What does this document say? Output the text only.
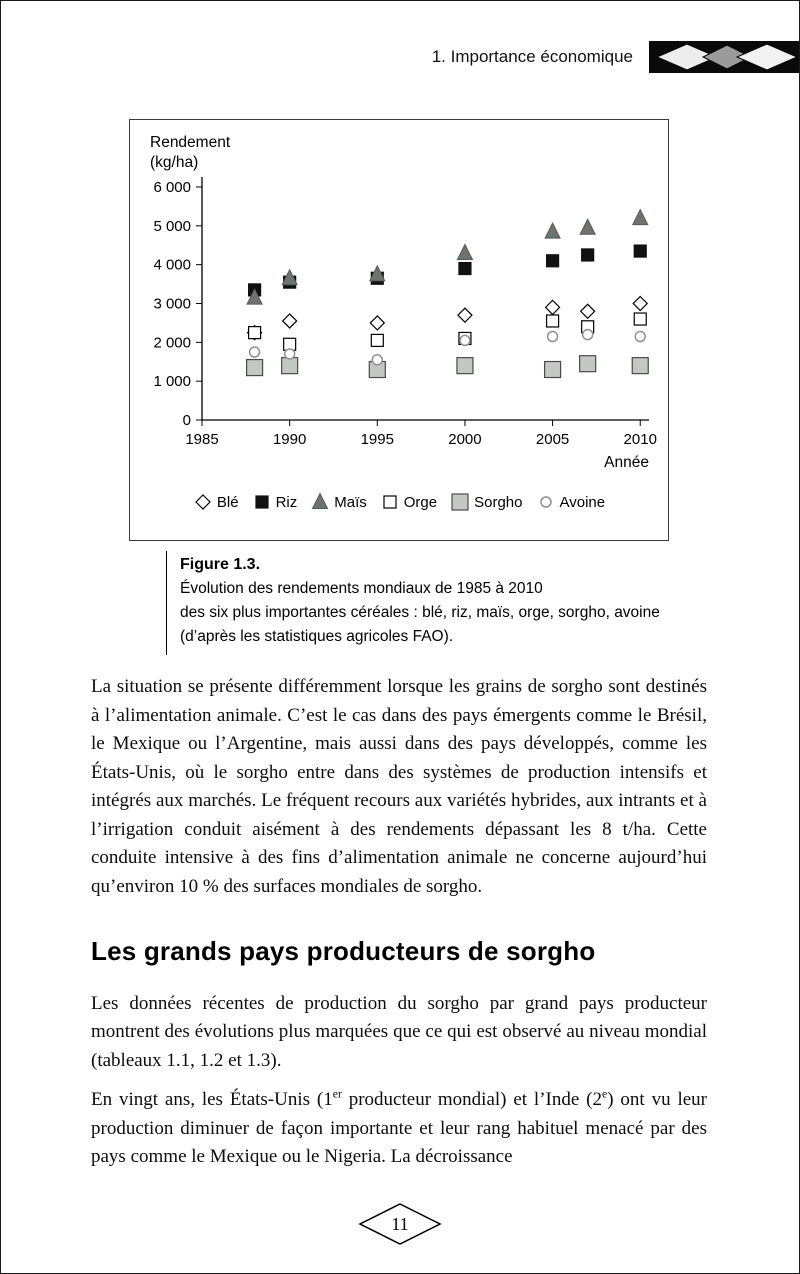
1. Importance économique
Rendement
(kg/ha)
0
1 000
2 000
3 000
4 000
5 000
6 000
1985	1990	1995	2000	2005	2010
Année
Blé Riz Maïs Orge Sorgho Avoine
Figure 1.3.
Évolution des rendements mondiaux de 1985 à 2010
des six plus importantes céréales : blé, riz, maïs, orge, sorgho, avoine
(d’après les statistiques agricoles FAO).

La situation se présente différemment lorsque les grains de sorgho sont destinés à l’alimentation animale. C’est le cas dans des pays émergents comme le Brésil, le Mexique ou l’Argentine, mais aussi dans des pays développés, comme les États-Unis, où le sorgho entre dans des systèmes de production intensifs et intégrés aux marchés. Le fréquent recours aux variétés hybrides, aux intrants et à l’irrigation conduit aisément à des rendements dépassant les 8 t/ha. Cette conduite intensive à des fins d’alimentation animale ne concerne aujourd’hui qu’environ 10 % des surfaces mondiales de sorgho.

Les grands pays producteurs de sorgho

Les données récentes de production du sorgho par grand pays producteur montrent des évolutions plus marquées que ce qui est observé au niveau mondial (tableaux 1.1, 1.2 et 1.3).

En vingt ans, les États-Unis (1er producteur mondial) et l’Inde (2e) ont vu leur production diminuer de façon importante et leur rang habituel menacé par des pays comme le Mexique ou le Nigeria. La décroissance

11
